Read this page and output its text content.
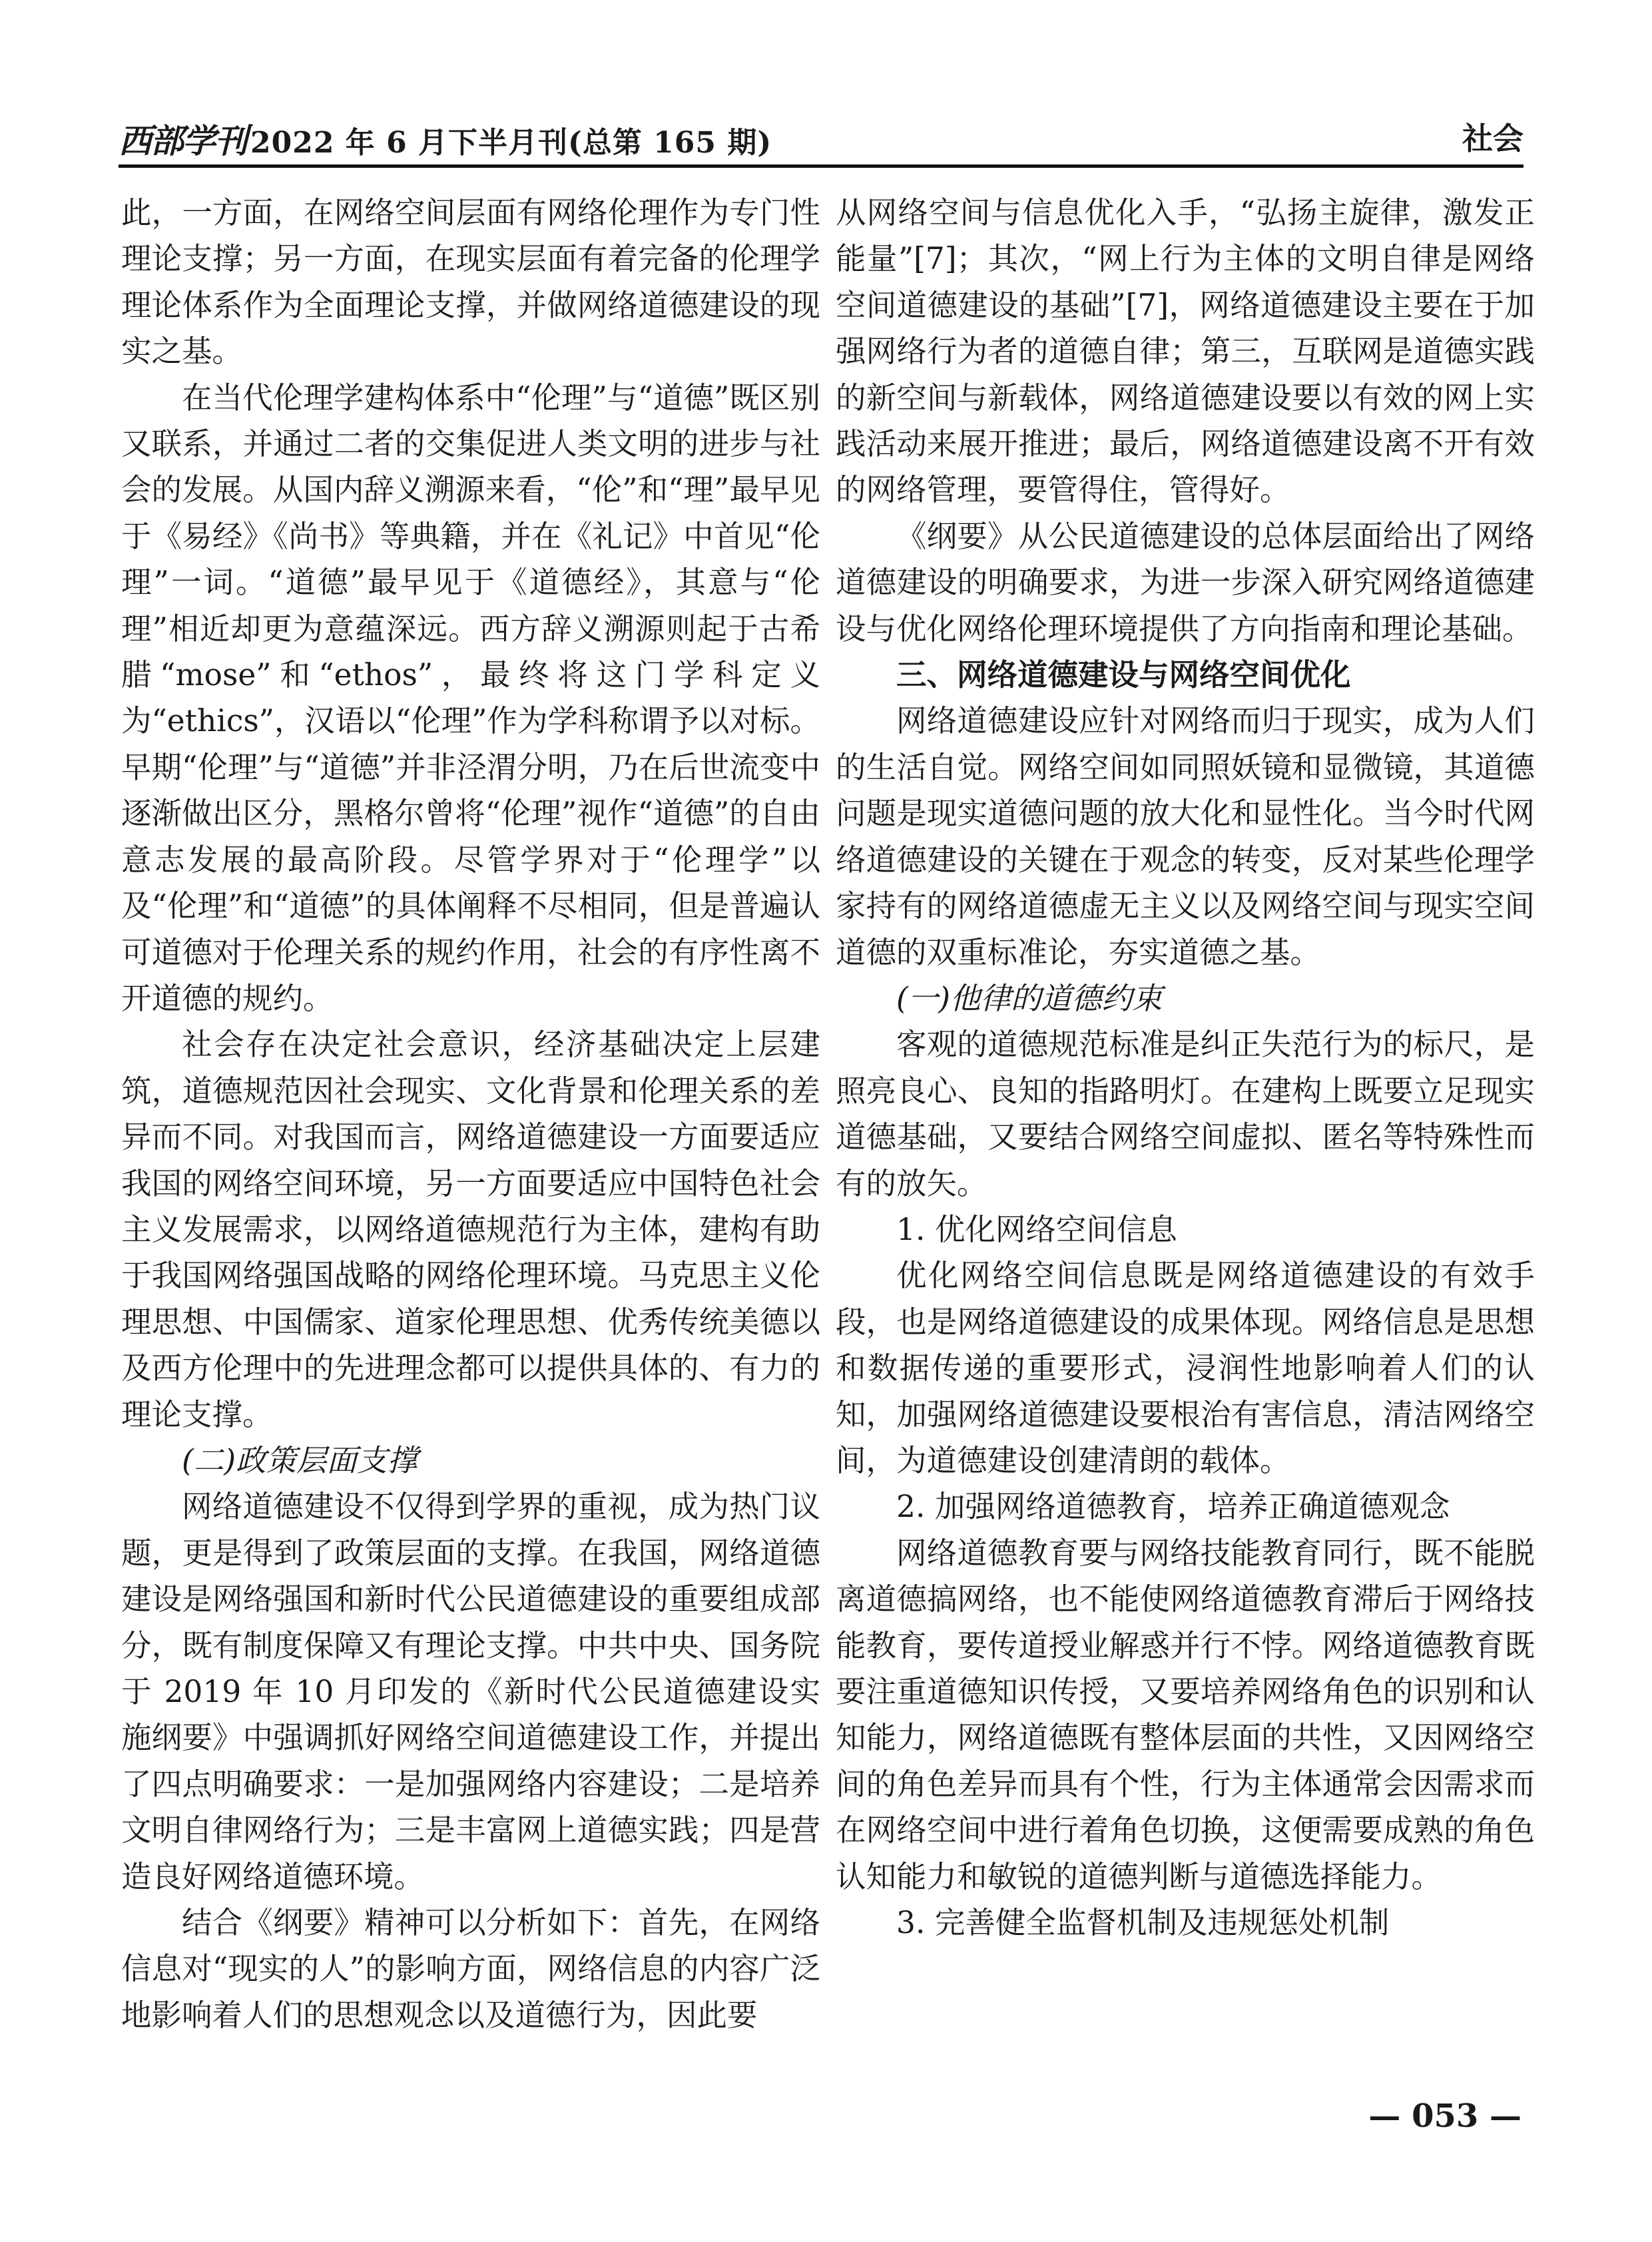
西部学刊 2022 年 6 月下半月刊(总第 165 期)	社会

此，一方面，在网络空间层面有网络伦理作为专门性理论支撑；另一方面，在现实层面有着完备的伦理学理论体系作为全面理论支撑，并做网络道德建设的现实之基。

在当代伦理学建构体系中“伦理”与“道德”既区别又联系，并通过二者的交集促进人类文明的进步与社会的发展。从国内辞义溯源来看，“伦”和“理”最早见于《易经》《尚书》等典籍，并在《礼记》中首见“伦理”一词。“道德”最早见于《道德经》，其意与“伦理”相近却更为意蕴深远。西方辞义溯源则起于古希腊“mose”和“ethos”，最终将这门学科定义为“ethics”，汉语以“伦理”作为学科称谓予以对标。早期“伦理”与“道德”并非泾渭分明，乃在后世流变中逐渐做出区分，黑格尔曾将“伦理”视作“道德”的自由意志发展的最高阶段。尽管学界对于“伦理学”以及“伦理”和“道德”的具体阐释不尽相同，但是普遍认可道德对于伦理关系的规约作用，社会的有序性离不开道德的规约。

社会存在决定社会意识，经济基础决定上层建筑，道德规范因社会现实、文化背景和伦理关系的差异而不同。对我国而言，网络道德建设一方面要适应我国的网络空间环境，另一方面要适应中国特色社会主义发展需求，以网络道德规范行为主体，建构有助于我国网络强国战略的网络伦理环境。马克思主义伦理思想、中国儒家、道家伦理思想、优秀传统美德以及西方伦理中的先进理念都可以提供具体的、有力的理论支撑。

(二)政策层面支撑

网络道德建设不仅得到学界的重视，成为热门议题，更是得到了政策层面的支撑。在我国，网络道德建设是网络强国和新时代公民道德建设的重要组成部分，既有制度保障又有理论支撑。中共中央、国务院于 2019 年 10 月印发的《新时代公民道德建设实施纲要》中强调抓好网络空间道德建设工作，并提出了四点明确要求：一是加强网络内容建设；二是培养文明自律网络行为；三是丰富网上道德实践；四是营造良好网络道德环境。

结合《纲要》精神可以分析如下：首先，在网络信息对“现实的人”的影响方面，网络信息的内容广泛地影响着人们的思想观念以及道德行为，因此要

从网络空间与信息优化入手，“弘扬主旋律，激发正能量”[7]；其次，“网上行为主体的文明自律是网络空间道德建设的基础”[7]，网络道德建设主要在于加强网络行为者的道德自律；第三，互联网是道德实践的新空间与新载体，网络道德建设要以有效的网上实践活动来展开推进；最后，网络道德建设离不开有效的网络管理，要管得住，管得好。

《纲要》从公民道德建设的总体层面给出了网络道德建设的明确要求，为进一步深入研究网络道德建设与优化网络伦理环境提供了方向指南和理论基础。

三、网络道德建设与网络空间优化

网络道德建设应针对网络而归于现实，成为人们的生活自觉。网络空间如同照妖镜和显微镜，其道德问题是现实道德问题的放大化和显性化。当今时代网络道德建设的关键在于观念的转变，反对某些伦理学家持有的网络道德虚无主义以及网络空间与现实空间道德的双重标准论，夯实道德之基。

(一)他律的道德约束

客观的道德规范标准是纠正失范行为的标尺，是照亮良心、良知的指路明灯。在建构上既要立足现实道德基础，又要结合网络空间虚拟、匿名等特殊性而有的放矢。

1. 优化网络空间信息

优化网络空间信息既是网络道德建设的有效手段，也是网络道德建设的成果体现。网络信息是思想和数据传递的重要形式，浸润性地影响着人们的认知，加强网络道德建设要根治有害信息，清洁网络空间，为道德建设创建清朗的载体。

2. 加强网络道德教育，培养正确道德观念

网络道德教育要与网络技能教育同行，既不能脱离道德搞网络，也不能使网络道德教育滞后于网络技能教育，要传道授业解惑并行不悖。网络道德教育既要注重道德知识传授，又要培养网络角色的识别和认知能力，网络道德既有整体层面的共性，又因网络空间的角色差异而具有个性，行为主体通常会因需求而在网络空间中进行着角色切换，这便需要成熟的角色认知能力和敏锐的道德判断与道德选择能力。

3. 完善健全监督机制及违规惩处机制

— 053 —
